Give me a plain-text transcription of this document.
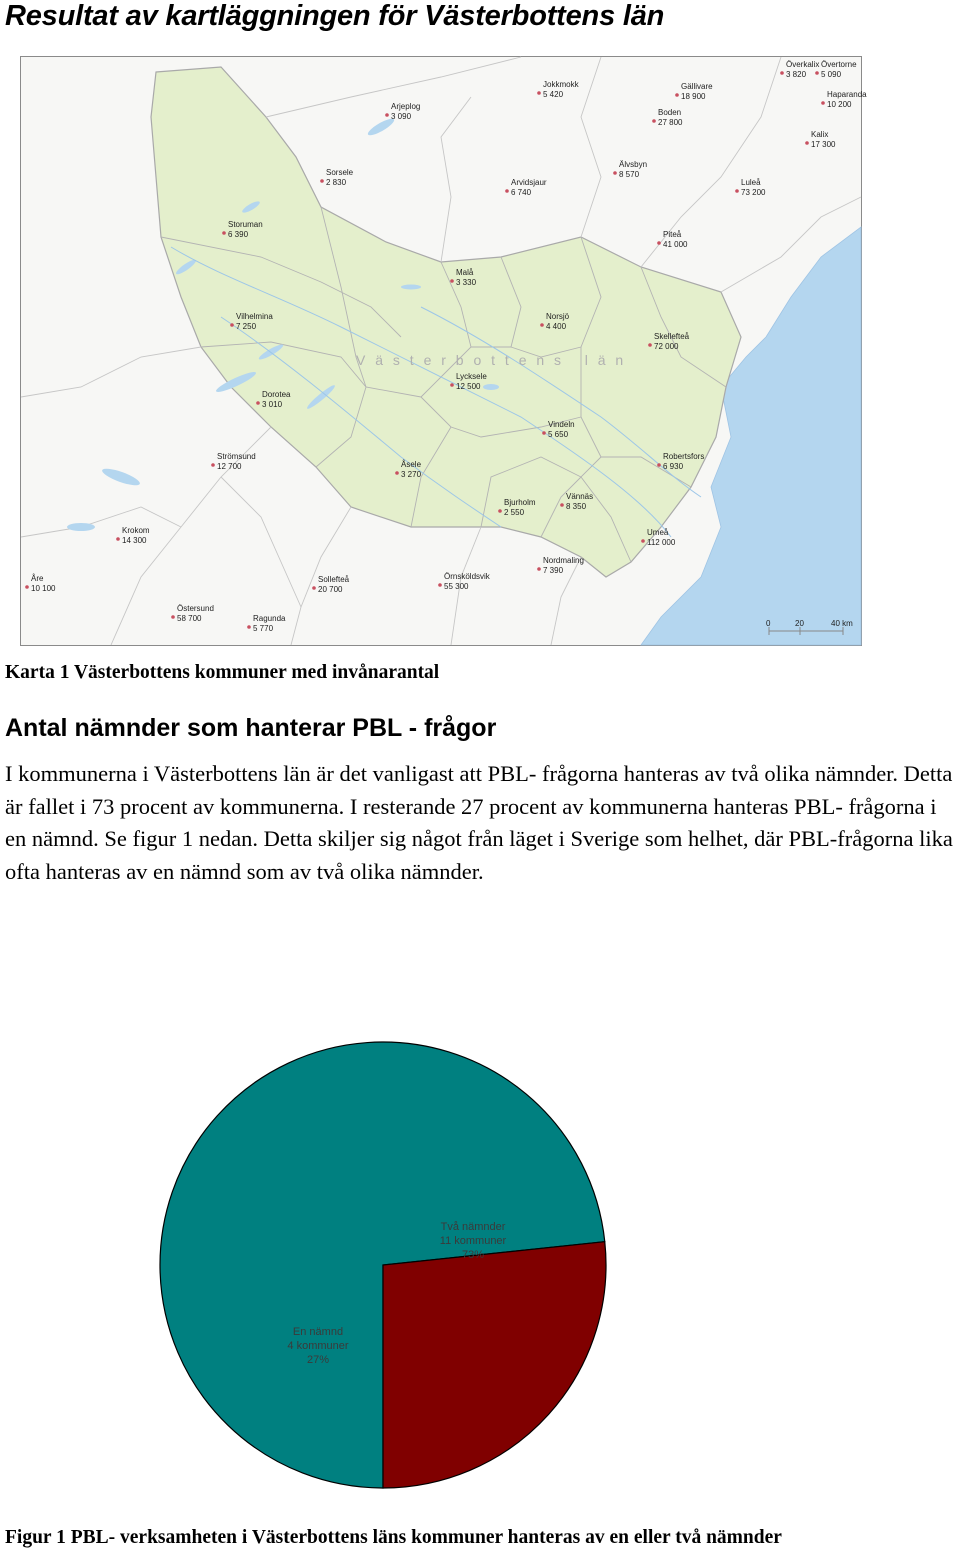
Resultat av kartläggningen för Västerbottens län
V ä s t e r b o t t e n s   l ä n
Gällivare
18 900
Överkalix
3 820
Övertorne
5 090
Jokkmokk
5 420	Haparanda
10 200
Arjeplog
3 090	Boden
27 800
Kalix
17 300
Sorsele
2 830	Arvidsjaur
6 740
Älvsbyn
8 570
Luleå
73 200
Storuman
6 390	Piteå
41 000
Malå
3 330
Norsjö
4 400
Vilhelmina
7 250
Skellefteå
72 000
Lycksele
12 500
Dorotea
3 010
Vindeln
5 650
Robertsfors
6 930
Strömsund
12 700	Åsele
3 270
Bjurholm
2 550
Vännäs
8 350
Umeå
112 000
Krokom
14 300
Nordmaling
7 390
Åre
10 100
Sollefteå
20 700
Örnsköldsvik
55 300
Östersund
58 700	Ragunda
5 770
0	20	40 km

Karta 1 Västerbottens kommuner med invånarantal

Antal nämnder som hanterar PBL - frågor

I kommunerna i Västerbottens län är det vanligast att PBL- frågorna hanteras av två olika nämnder. Detta är fallet i 73 procent av kommunerna. I resterande 27 procent av kommunerna hanteras PBL- frågorna i en nämnd. Se figur 1 nedan. Detta skiljer sig något från läget i Sverige som helhet, där PBL-frågorna lika ofta hanteras av en nämnd som av två olika nämnder.

Två nämnder
11 kommuner
73%
En nämnd
4 kommuner
27%

Figur 1 PBL- verksamheten i Västerbottens läns kommuner hanteras av en eller två nämnder
